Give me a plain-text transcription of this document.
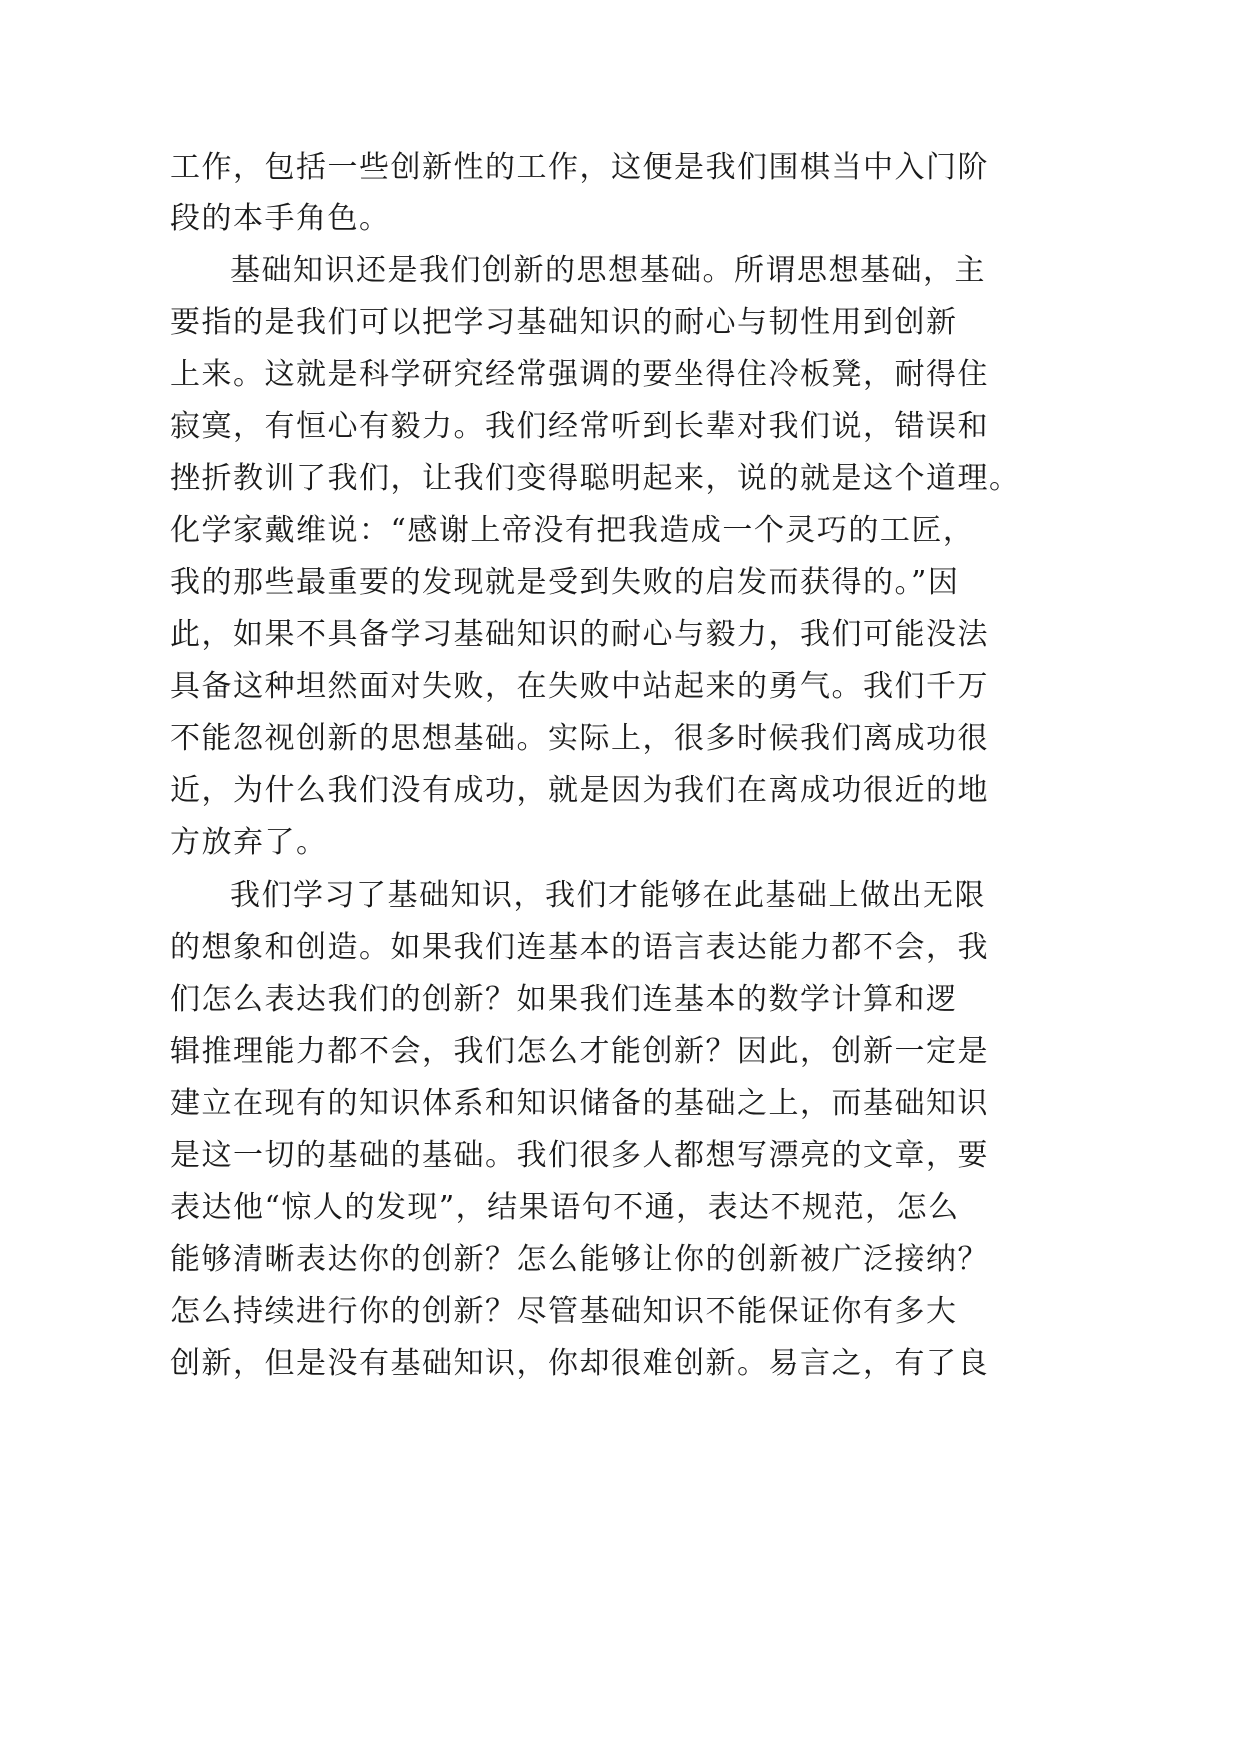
工作，包括一些创新性的工作，这便是我们围棋当中入门阶
段的本手角色。
基础知识还是我们创新的思想基础。所谓思想基础，主
要指的是我们可以把学习基础知识的耐心与韧性用到创新
上来。这就是科学研究经常强调的要坐得住冷板凳，耐得住
寂寞，有恒心有毅力。我们经常听到长辈对我们说，错误和
挫折教训了我们，让我们变得聪明起来，说的就是这个道理。
化学家戴维说：“感谢上帝没有把我造成一个灵巧的工匠，
我的那些最重要的发现就是受到失败的启发而获得的。”因
此，如果不具备学习基础知识的耐心与毅力，我们可能没法
具备这种坦然面对失败，在失败中站起来的勇气。我们千万
不能忽视创新的思想基础。实际上，很多时候我们离成功很
近，为什么我们没有成功，就是因为我们在离成功很近的地
方放弃了。
我们学习了基础知识，我们才能够在此基础上做出无限
的想象和创造。如果我们连基本的语言表达能力都不会，我
们怎么表达我们的创新？如果我们连基本的数学计算和逻
辑推理能力都不会，我们怎么才能创新？因此，创新一定是
建立在现有的知识体系和知识储备的基础之上，而基础知识
是这一切的基础的基础。我们很多人都想写漂亮的文章，要
表达他“惊人的发现”，结果语句不通，表达不规范，怎么
能够清晰表达你的创新？怎么能够让你的创新被广泛接纳？
怎么持续进行你的创新？尽管基础知识不能保证你有多大
创新，但是没有基础知识，你却很难创新。易言之，有了良
